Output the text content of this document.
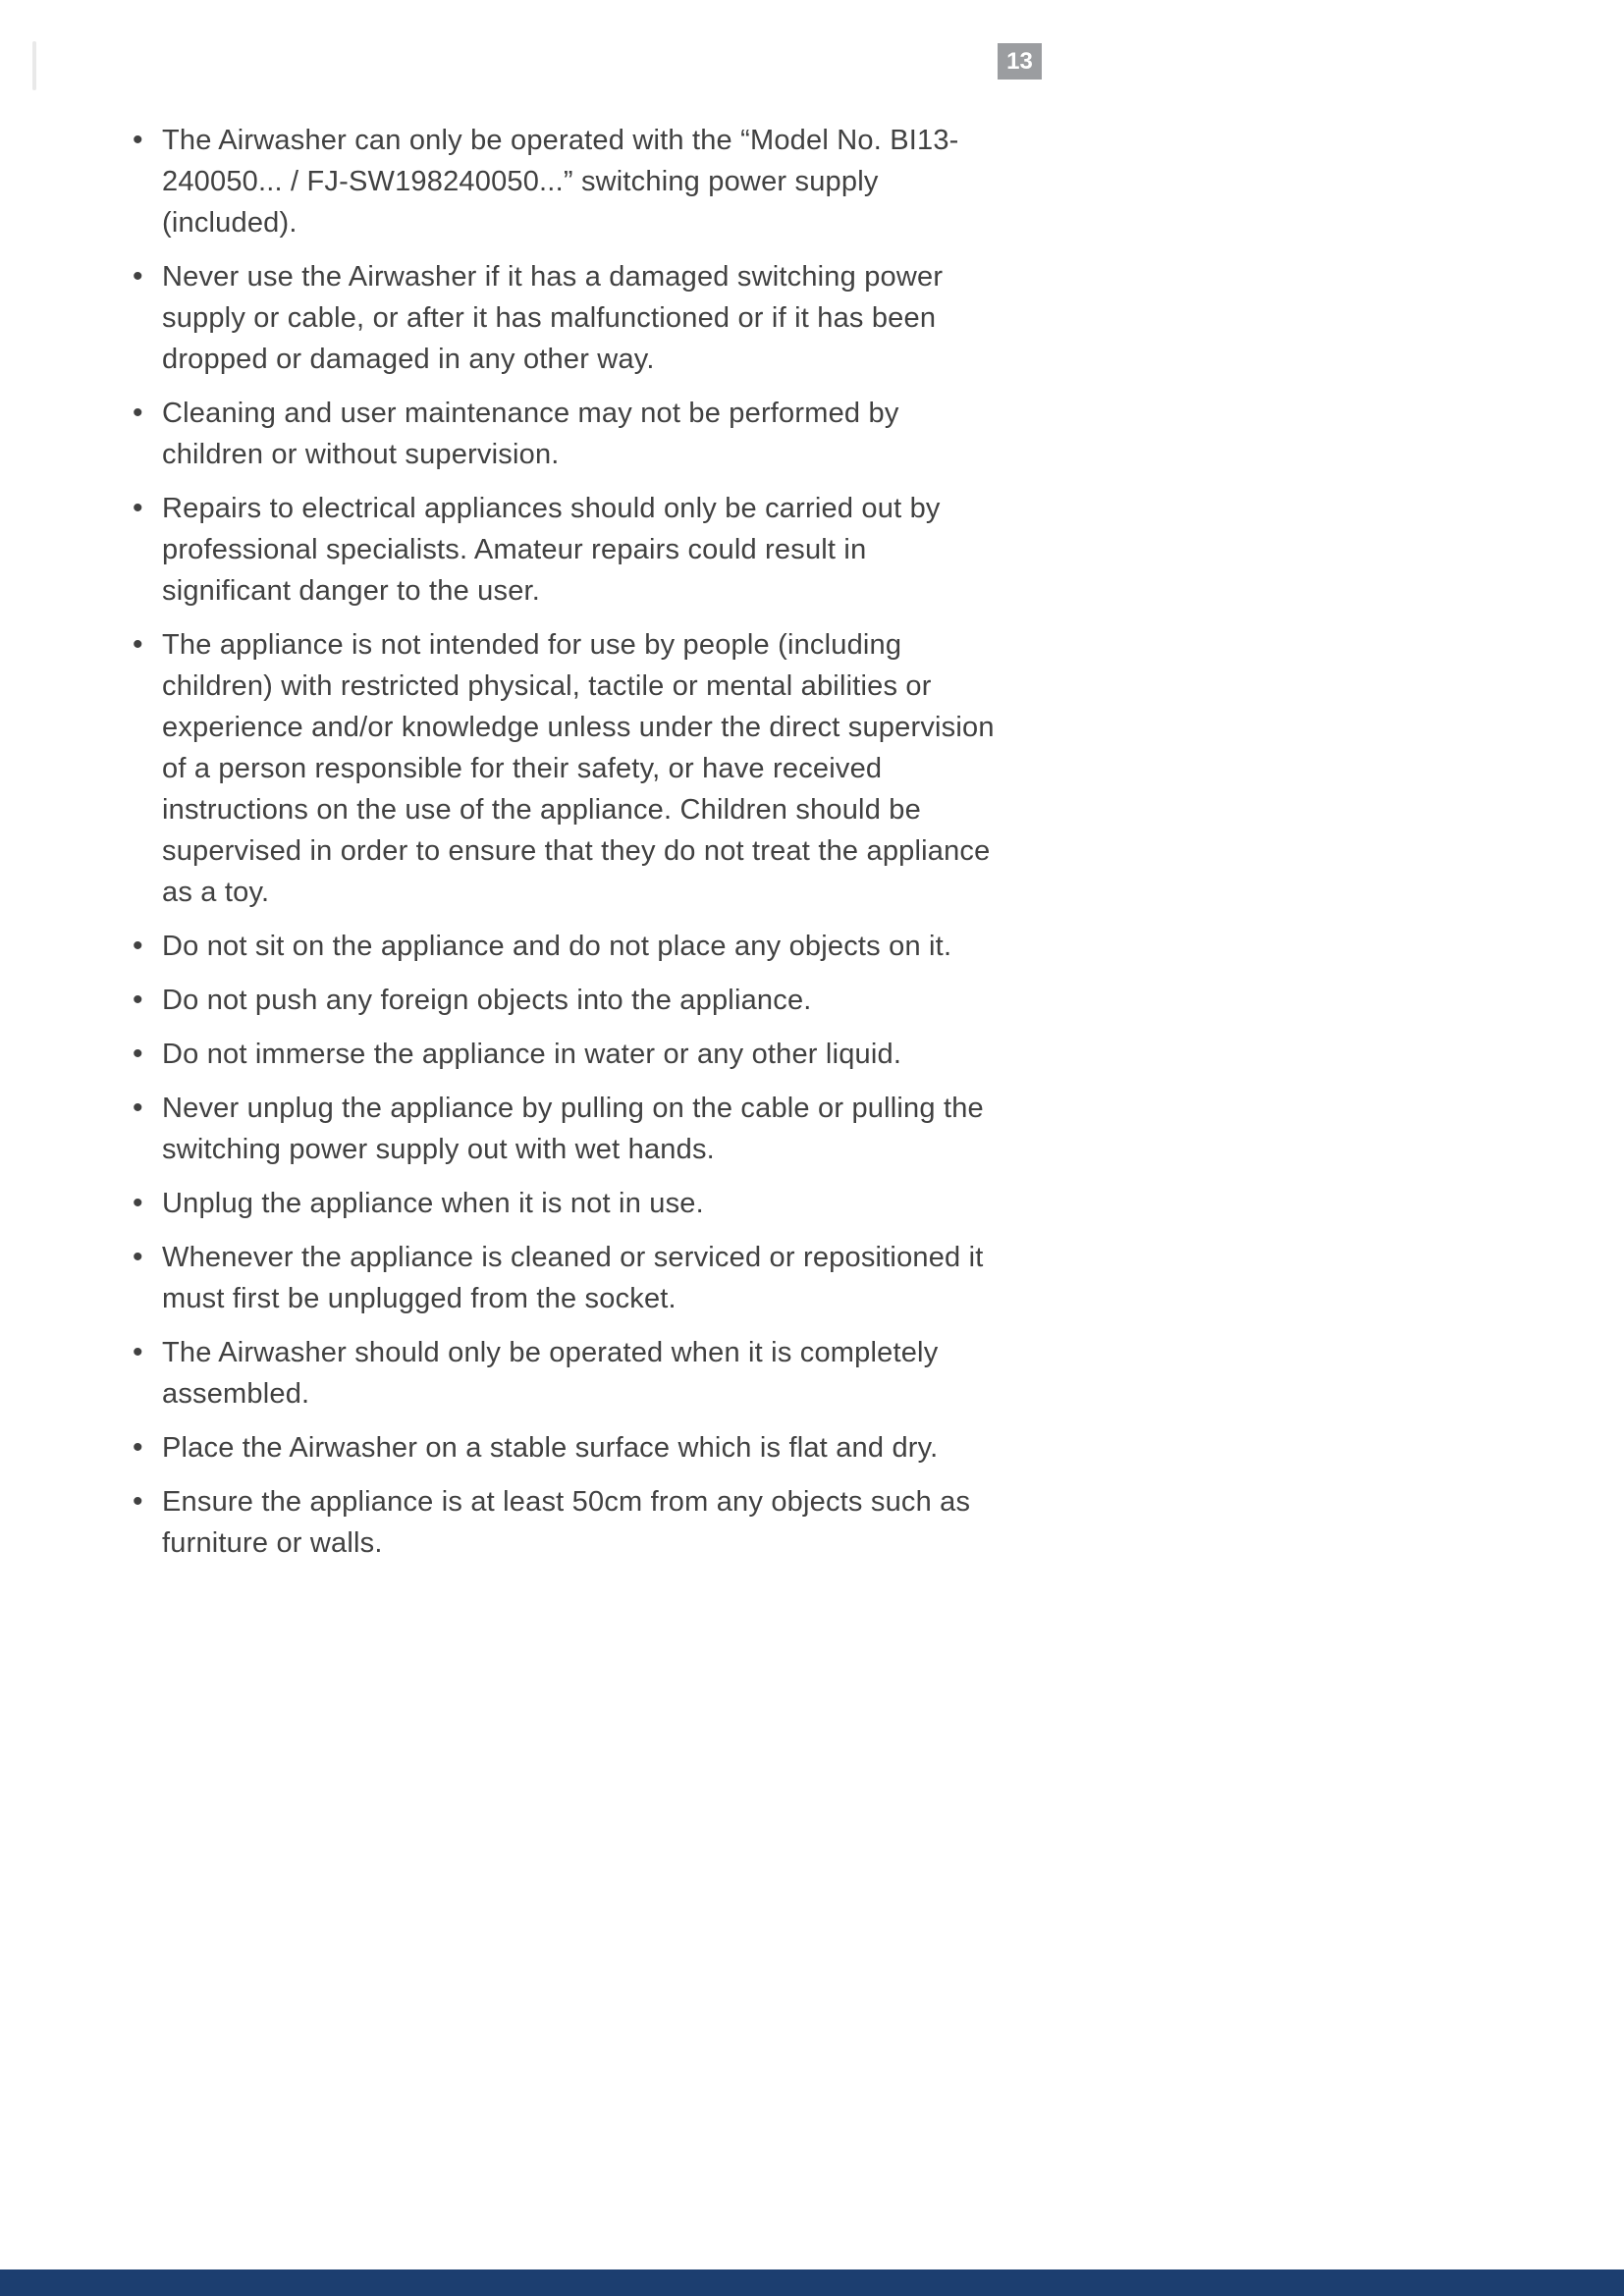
13
• The Airwasher can only be operated with the “Model No. BI13-240050... / FJ-SW198240050...” switching power supply (included).
• Never use the Airwasher if it has a damaged switching power supply or cable, or after it has malfunctioned or if it has been dropped or damaged in any other way.
• Cleaning and user maintenance may not be performed by children or without supervision.
• Repairs to electrical appliances should only be carried out by professional specialists. Amateur repairs could result in significant danger to the user.
• The appliance is not intended for use by people (including children) with restricted physical, tactile or mental abilities or experience and/or knowledge unless under the direct supervision of a person responsible for their safety, or have received instructions on the use of the appliance. Children should be supervised in order to ensure that they do not treat the appliance as a toy.
• Do not sit on the appliance and do not place any objects on it.
• Do not push any foreign objects into the appliance.
• Do not immerse the appliance in water or any other liquid.
• Never unplug the appliance by pulling on the cable or pulling the switching power supply out with wet hands.
• Unplug the appliance when it is not in use.
• Whenever the appliance is cleaned or serviced or repositioned it must first be unplugged from the socket.
• The Airwasher should only be operated when it is completely assembled.
• Place the Airwasher on a stable surface which is flat and dry.
• Ensure the appliance is at least 50cm from any objects such as furniture or walls.
